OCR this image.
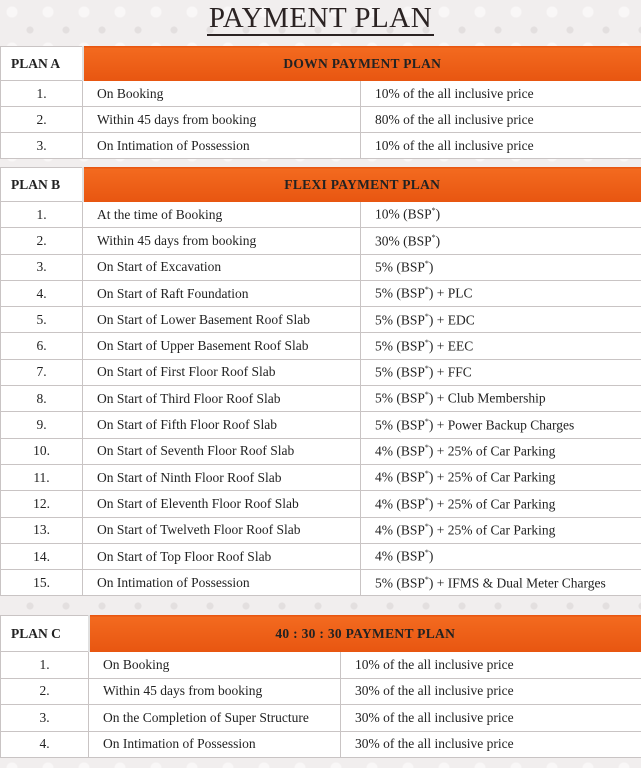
PAYMENT PLAN
PLAN A	DOWN PAYMENT PLAN	
1.	On Booking	10% of the all inclusive price
2.	Within 45 days from booking	80% of the all inclusive price
3.	On Intimation of Possession	10% of the all inclusive price
PLAN B	FLEXI PAYMENT PLAN	
1.	At the time of Booking	10% (BSP*)
2.	Within 45 days from booking	30% (BSP*)
3.	On Start of Excavation	5% (BSP*)
4.	On Start of Raft Foundation	5% (BSP*) + PLC
5.	On Start of Lower Basement Roof Slab	5% (BSP*) + EDC
6.	On Start of Upper Basement Roof Slab	5% (BSP*) + EEC
7.	On Start of First Floor Roof Slab	5% (BSP*) + FFC
8.	On Start of Third Floor Roof Slab	5% (BSP*) + Club Membership
9.	On Start of Fifth Floor Roof Slab	5% (BSP*) + Power Backup Charges
10.	On Start of Seventh Floor Roof Slab	4% (BSP*) + 25% of Car Parking
11.	On Start of Ninth Floor Roof Slab	4% (BSP*) + 25% of Car Parking
12.	On Start of Eleventh Floor Roof Slab	4% (BSP*) + 25% of Car Parking
13.	On Start of Twelveth Floor Roof Slab	4% (BSP*) + 25% of Car Parking
14.	On Start of Top Floor Roof Slab	4% (BSP*)
15.	On Intimation of Possession	5% (BSP*) + IFMS & Dual Meter Charges
PLAN C	40 : 30 : 30 PAYMENT PLAN	
1.	On Booking	10% of the all inclusive price
2.	Within 45 days from booking	30% of the all inclusive price
3.	On the Completion of Super Structure	30% of the all inclusive price
4.	On Intimation of Possession	30% of the all inclusive price
